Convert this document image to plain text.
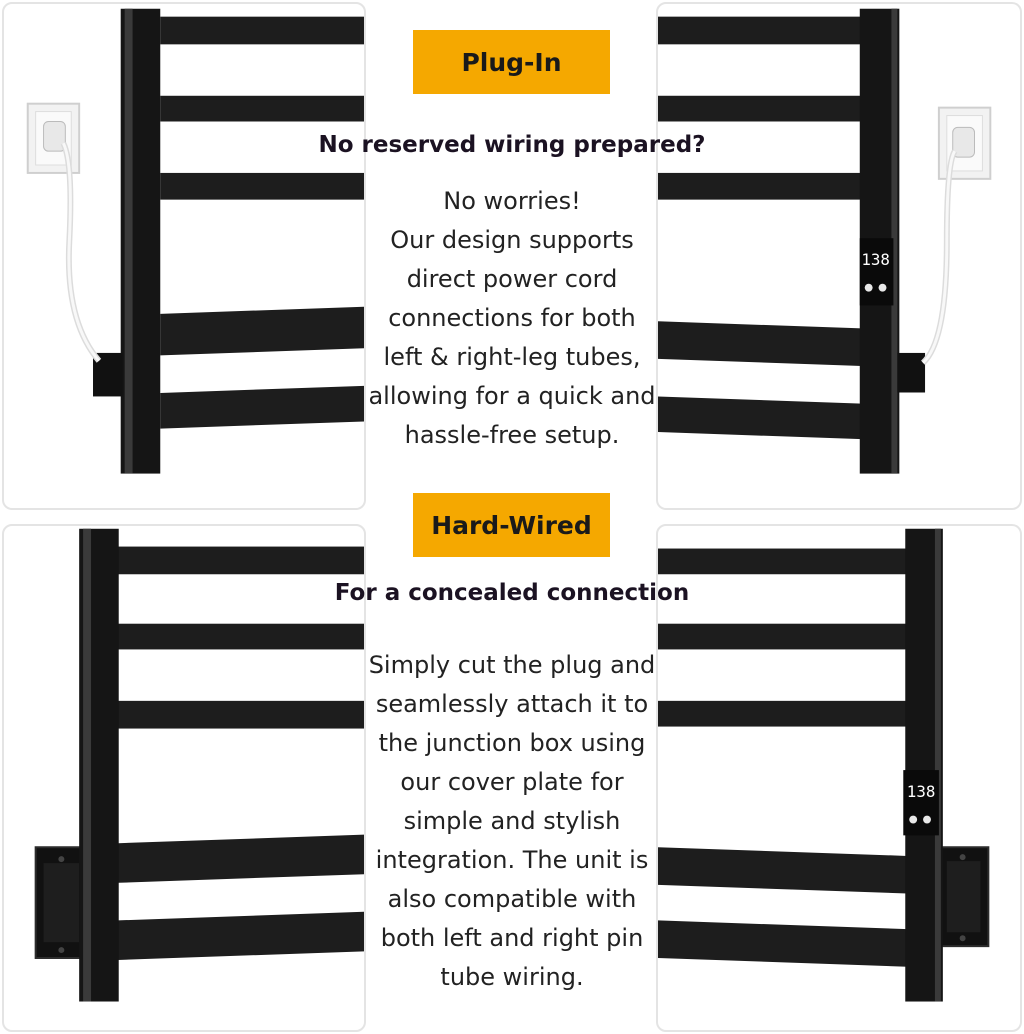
138
138
Plug-In
No reserved wiring prepared?
No worries!
Our design supports
direct power cord
connections for both
left & right-leg tubes,
allowing for a quick and
hassle-free setup.
Hard-Wired
For a concealed connection
Simply cut the plug and
seamlessly attach it to
the junction box using
our cover plate for
simple and stylish
integration. The unit is
also compatible with
both left and right pin
tube wiring.
